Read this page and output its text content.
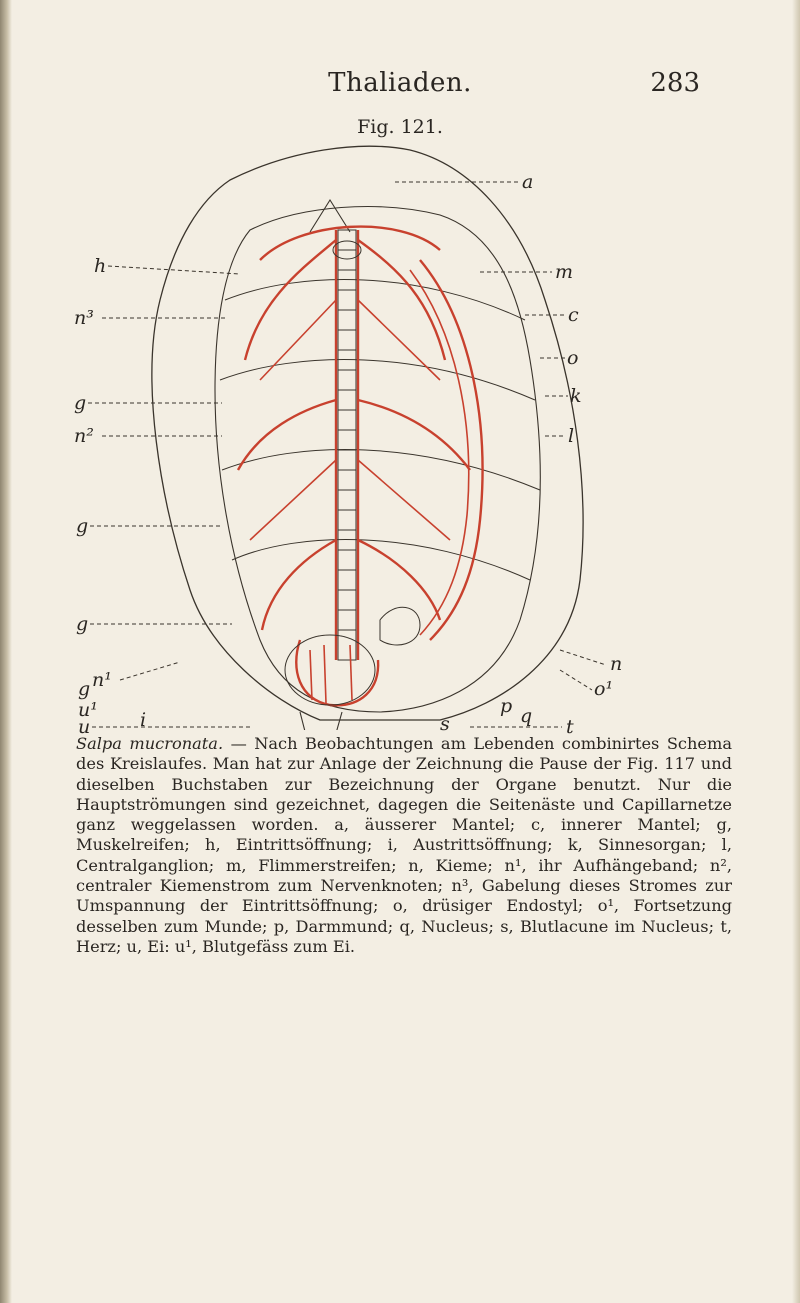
Thaliaden.	283
Fig. 121.
h
n³
g
n²
g
g
n¹
a
m
c
o
k
l
n
o¹
g
u¹
u	t
i
p q
s

Salpa mucronata. — Nach Beobachtungen am Lebenden combinirtes Schema des Kreislaufes. Man hat zur Anlage der Zeichnung die Pause der Fig. 117 und dieselben Buchstaben zur Bezeichnung der Organe benutzt. Nur die Hauptströmungen sind gezeichnet, dagegen die Seitenäste und Capillarnetze ganz weggelassen worden. a, äusserer Mantel; c, innerer Mantel; g, Muskelreifen; h, Eintrittsöffnung; i, Austrittsöffnung; k, Sinnesorgan; l, Centralganglion; m, Flimmerstreifen; n, Kieme; n¹, ihr Aufhängeband; n², centraler Kiemenstrom zum Nervenknoten; n³, Gabelung dieses Stromes zur Umspannung der Eintrittsöffnung; o, drüsiger Endostyl; o¹, Fortsetzung desselben zum Munde; p, Darmmund; q, Nucleus; s, Blutlacune im Nucleus; t, Herz; u, Ei: u¹, Blutgefäss zum Ei.
